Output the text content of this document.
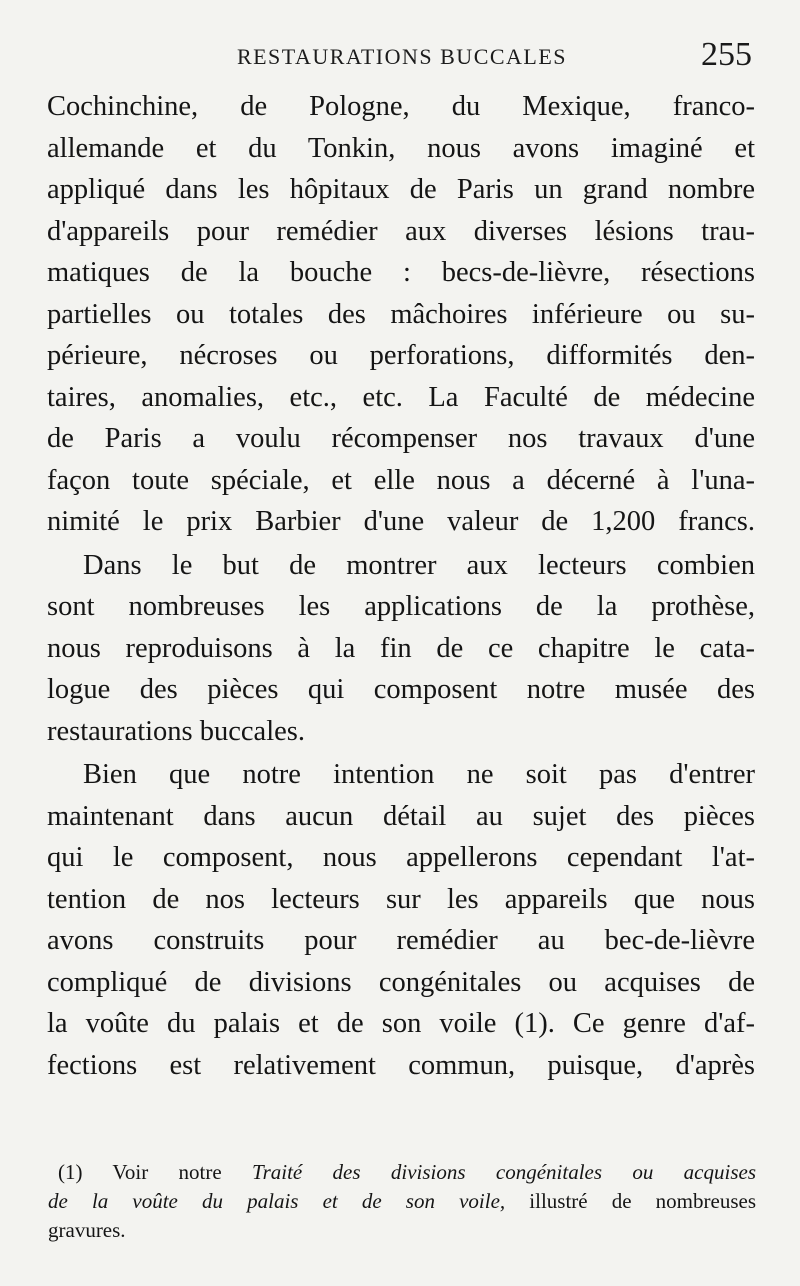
RESTAURATIONS BUCCALES	255
Cochinchine, de Pologne, du Mexique, franco-
allemande et du Tonkin, nous avons imaginé et
appliqué dans les hôpitaux de Paris un grand nombre
d'appareils pour remédier aux diverses lésions trau-
matiques de la bouche : becs-de-lièvre, résections
partielles ou totales des mâchoires inférieure ou su-
périeure, nécroses ou perforations, difformités den-
taires, anomalies, etc., etc. La Faculté de médecine
de Paris a voulu récompenser nos travaux d'une
façon toute spéciale, et elle nous a décerné à l'una-
nimité le prix Barbier d'une valeur de 1,200 francs.
Dans le but de montrer aux lecteurs combien
sont nombreuses les applications de la prothèse,
nous reproduisons à la fin de ce chapitre le cata-
logue des pièces qui composent notre musée des
restaurations buccales.
Bien que notre intention ne soit pas d'entrer
maintenant dans aucun détail au sujet des pièces
qui le composent, nous appellerons cependant l'at-
tention de nos lecteurs sur les appareils que nous
avons construits pour remédier au bec-de-lièvre
compliqué de divisions congénitales ou acquises de
la voûte du palais et de son voile (1). Ce genre d'af-
fections est relativement commun, puisque, d'après
(1) Voir notre Traité des divisions congénitales ou acquises
de la voûte du palais et de son voile, illustré de nombreuses
gravures.
